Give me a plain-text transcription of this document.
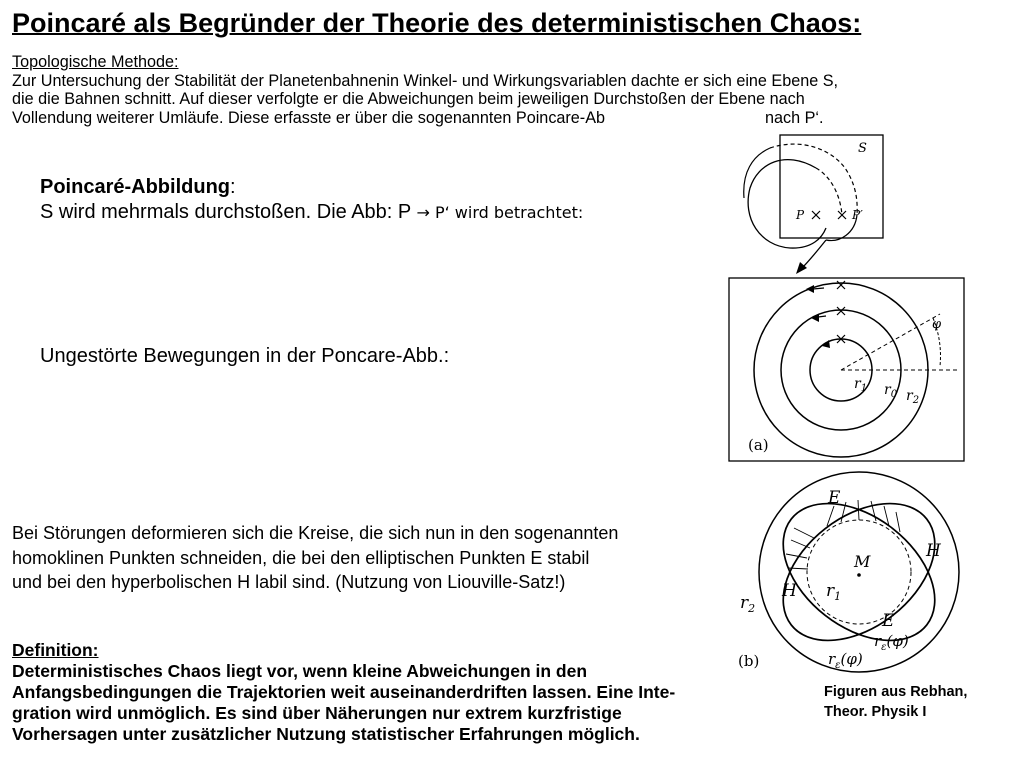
Poincaré als Begründer der Theorie des deterministischen Chaos:

Topologische Methode:

Zur Untersuchung der Stabilität der Planetenbahnenin Winkel- und Wirkungsvariablen dachte er sich eine Ebene S,

die die Bahnen schnitt. Auf dieser verfolgte er die Abweichungen beim jeweiligen Durchstoßen der Ebene nach

Vollendung weiterer Umläufe. Diese erfasste er über die sogenannten Poincare-Ab	nach P‘.

Poincaré-Abbildung:
S wird mehrmals durchstoßen. Die Abb: P → P‘ wird betrachtet:
Ungestörte Bewegungen in der Poncare-Abb.:

Bei Störungen deformieren sich die Kreise, die sich nun in den sogenannten

homoklinen Punkten schneiden, die bei den elliptischen Punkten E stabil

und bei den hyperbolischen H labil sind. (Nutzung von Liouville-Satz!)

Definition:

Deterministisches Chaos liegt vor, wenn kleine Abweichungen in den

Anfangsbedingungen die Trajektorien weit auseinanderdriften lassen. Eine Inte-

gration wird unmöglich. Es sind über Näherungen nur extrem kurzfristige

Vorhersagen unter zusätzlicher Nutzung statistischer Erfahrungen möglich.

Figuren aus Rebhan,

Theor. Physik I

S
P	P′
φ
$r_1$ $r_0$ $r_2$
(a)
M
E
H
H
E
$r_1$
$r_2$
$r_\varepsilon(\varphi)$
$r_\varepsilon(\varphi)$
(b)
